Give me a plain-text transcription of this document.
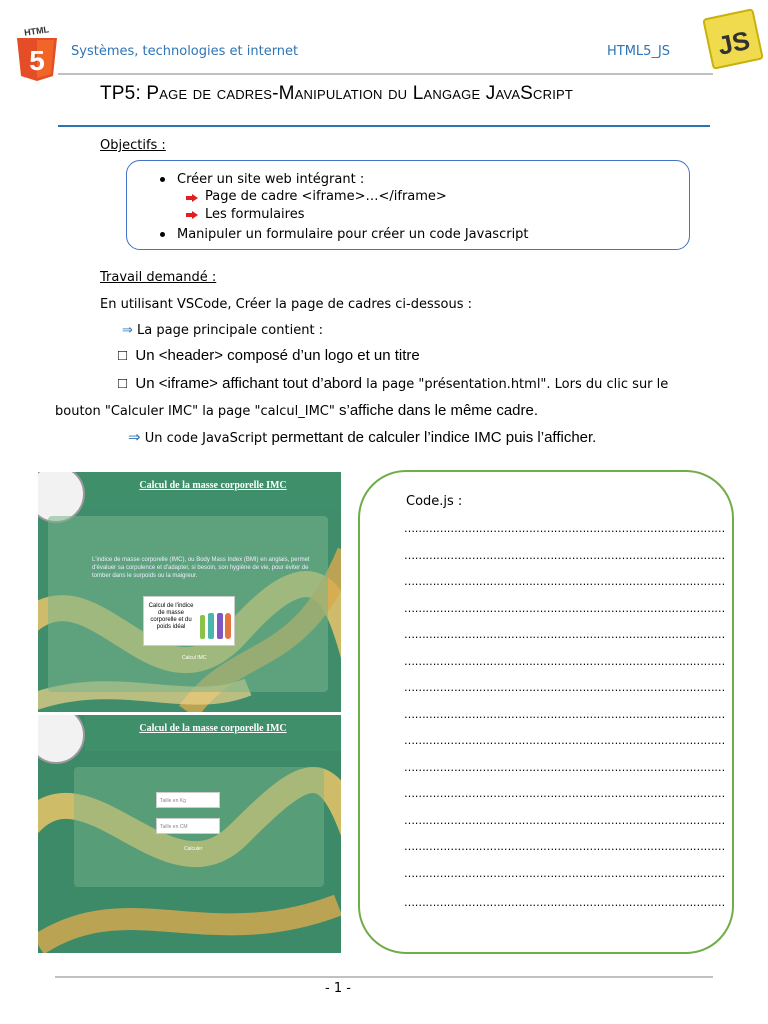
HTML
5 Systèmes, technologies et internet	HTML5_JS JS
TP5: Page de cadres-Manipulation du Langage JavaScript
Objectifs :
Créer un site web intégrant :
Page de cadre <iframe>…</iframe>
Les formulaires
Manipuler un formulaire pour créer un code Javascript
Travail demandé :
En utilisant VSCode, Créer la page de cadres ci-dessous :
⇒ La page principale contient :
□ Un <header> composé d’un logo et un titre
□ Un <iframe> affichant tout d’abord la page "présentation.html". Lors du clic sur le
bouton "Calculer IMC" la page "calcul_IMC" s’affiche dans le même cadre.
⇒ Un code JavaScript permettant de calculer l’indice IMC puis l’afficher.
Calcul de la masse corporelle IMC
L'indice de masse corporelle (IMC), ou Body Mass Index (BMI) en anglais, permet d'évaluer sa corpulence et d'adapter, si besoin, son hygiène de vie, pour éviter de tomber dans le surpoids ou la maigreur.
Calcul de l'indice de masse corporelle et du poids idéal
Calcul IMC
Calcul de la masse corporelle IMC
Taille en Kg
Taille en CM
Calculer
Code.js :
………………………………………………………………………………
………………………………………………………………………………
………………………………………………………………………………
………………………………………………………………………………
………………………………………………………………………………
………………………………………………………………………………
………………………………………………………………………………
………………………………………………………………………………
………………………………………………………………………………
………………………………………………………………………………
………………………………………………………………………………
………………………………………………………………………………
………………………………………………………………………………
………………………………………………………………………………
………………………………………………………………………………
- 1 -
